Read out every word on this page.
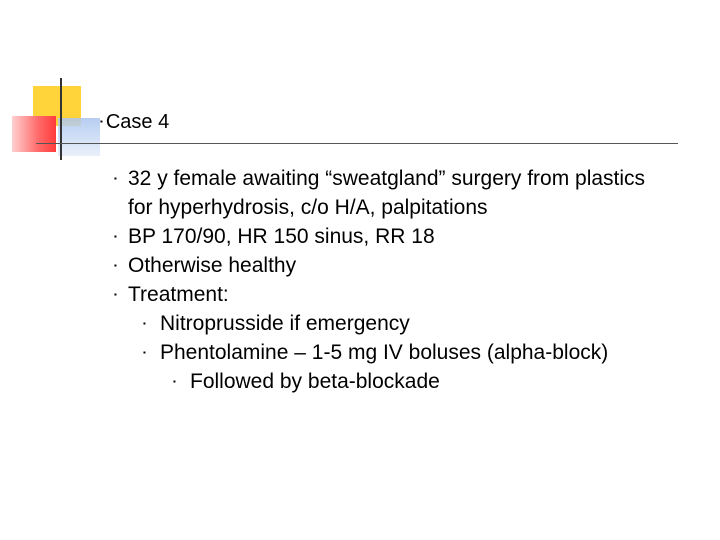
▪ Case 4
▪ 32 y female awaiting “sweatgland” surgery from plastics for hyperhydrosis, c/o H/A, palpitations
▪ BP 170/90, HR 150 sinus, RR 18
▪ Otherwise healthy
▪ Treatment:
▪ Nitroprusside if emergency
▪ Phentolamine – 1-5 mg IV boluses (alpha-block)
▪ Followed by beta-blockade
